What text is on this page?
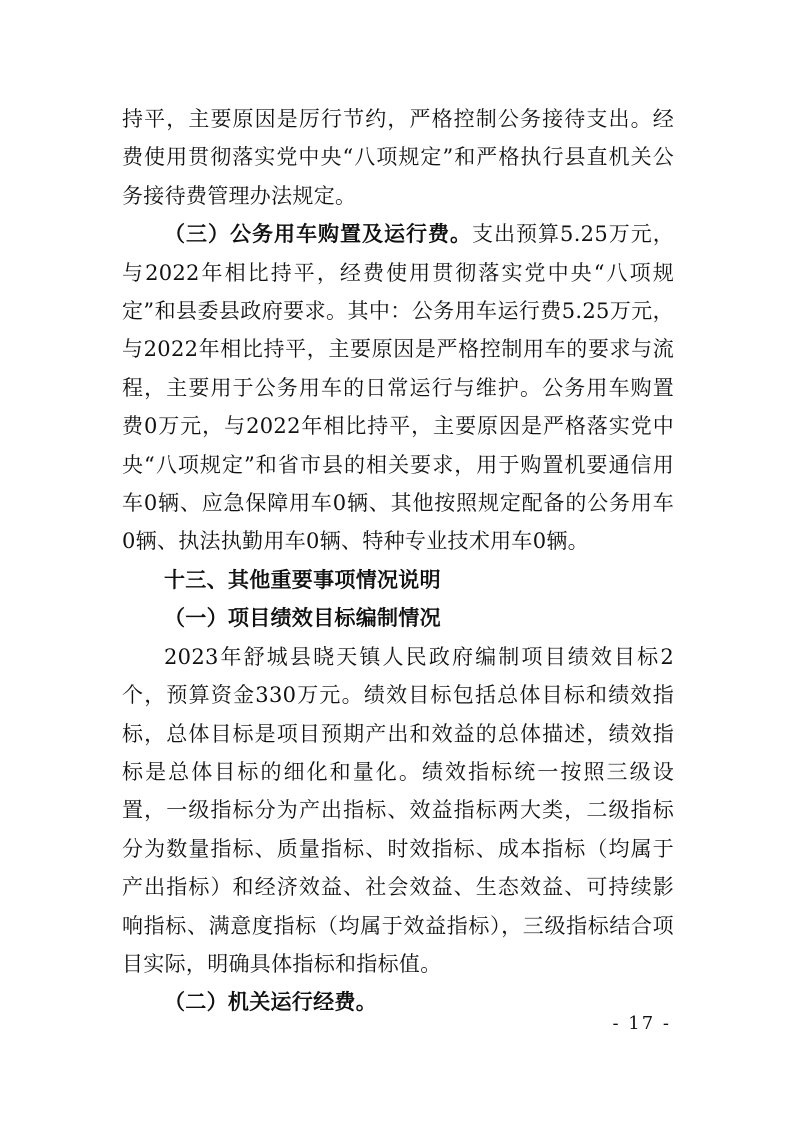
持平，主要原因是厉行节约，严格控制公务接待支出。经费使用贯彻落实党中央“八项规定”和严格执行县直机关公务接待费管理办法规定。

（三）公务用车购置及运行费。支出预算5.25万元，与2022年相比持平，经费使用贯彻落实党中央“八项规定”和县委县政府要求。其中：公务用车运行费5.25万元，与2022年相比持平，主要原因是严格控制用车的要求与流程，主要用于公务用车的日常运行与维护。公务用车购置费0万元，与2022年相比持平，主要原因是严格落实党中央“八项规定”和省市县的相关要求，用于购置机要通信用车0辆、应急保障用车0辆、其他按照规定配备的公务用车0辆、执法执勤用车0辆、特种专业技术用车0辆。

十三、其他重要事项情况说明

（一）项目绩效目标编制情况

2023年舒城县晓天镇人民政府编制项目绩效目标2个，预算资金330万元。绩效目标包括总体目标和绩效指标，总体目标是项目预期产出和效益的总体描述，绩效指标是总体目标的细化和量化。绩效指标统一按照三级设置，一级指标分为产出指标、效益指标两大类，二级指标分为数量指标、质量指标、时效指标、成本指标（均属于产出指标）和经济效益、社会效益、生态效益、可持续影响指标、满意度指标（均属于效益指标），三级指标结合项目实际，明确具体指标和指标值。

（二）机关运行经费。

- 17 -
